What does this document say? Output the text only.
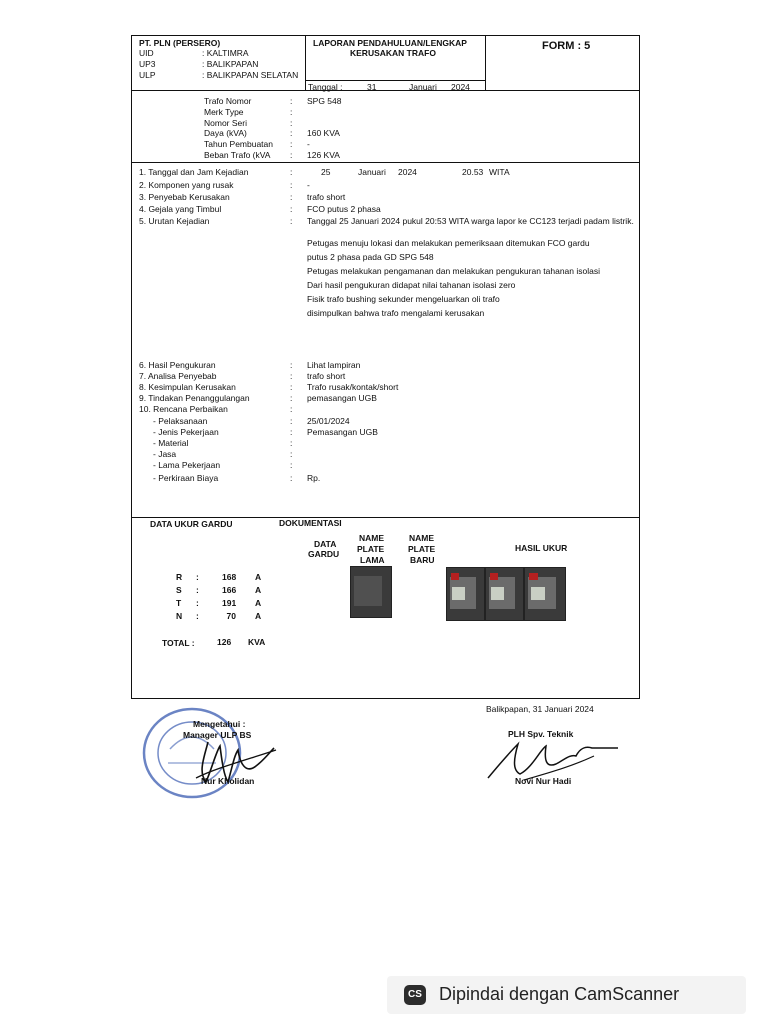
PT. PLN (PERSERO)
UID	: KALTIMRA
UP3	: BALIKPAPAN
ULP	: BALIKPAPAN SELATAN
LAPORAN PENDAHULUAN/LENGKAP
KERUSAKAN TRAFO
FORM : 5
Tanggal :	31	Januari 2024
Trafo Nomor	: SPG 548
Merk Type	:
Nomor Seri	:
Daya (kVA)	: 160 KVA
Tahun Pembuatan : -
Beban Trafo (kVA : 126 KVA
1. Tanggal dan Jam Kejadian	:	25	Januari 2024	20.53 WITA
2. Komponen yang rusak	: -
3. Penyebab Kerusakan	: trafo short
4. Gejala yang Timbul	: FCO putus 2 phasa
5. Urutan Kejadian	: Tanggal 25 Januari 2024 pukul 20:53 WITA warga lapor ke CC123 terjadi padam listrik.
Petugas menuju lokasi dan melakukan pemeriksaan ditemukan FCO gardu
putus 2 phasa pada GD SPG 548
Petugas melakukan pengamanan dan melakukan pengukuran tahanan isolasi
Dari hasil pengukuran didapat nilai tahanan isolasi zero
Fisik trafo bushing sekunder mengeluarkan oli trafo
disimpulkan bahwa trafo mengalami kerusakan
6. Hasil Pengukuran	: Lihat lampiran
7. Analisa Penyebab	: trafo short
8. Kesimpulan Kerusakan	: Trafo rusak/kontak/short
9. Tindakan Penanggulangan	: pemasangan UGB
10. Rencana Perbaikan	:
- Pelaksanaan	: 25/01/2024
- Jenis Pekerjaan	: Pemasangan UGB
- Material	:
- Jasa	:
- Lama Pekerjaan	:
- Perkiraan Biaya	: Rp.
DATA UKUR GARDU
R :	168 A
S :	166 A
T :	191 A
N :	70 A
TOTAL :	126 KVA
DOKUMENTASI
DATA
GARDU
NAME
PLATE
LAMA
NAME
PLATE
BARU
HASIL UKUR
Balikpapan, 31 Januari 2024
Mengetahui :
Manager ULP BS
Nur Kholidan
PLH Spv. Teknik
Novi Nur Hadi
CS Dipindai dengan CamScanner
